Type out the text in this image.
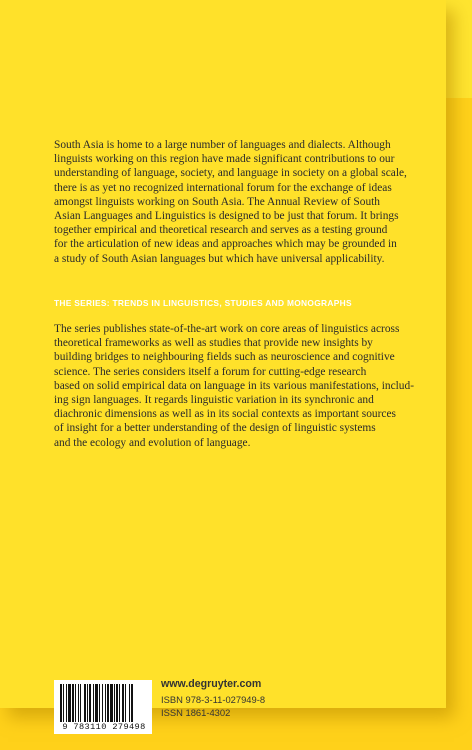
South Asia is home to a large number of languages and dialects. Although
linguists working on this region have made significant contributions to our
understanding of language, society, and language in society on a global scale,
there is as yet no recognized international forum for the exchange of ideas
amongst linguists working on South Asia. The Annual Review of South
Asian Languages and Linguistics is designed to be just that forum. It brings
together empirical and theoretical research and serves as a testing ground
for the articulation of new ideas and approaches which may be grounded in
a study of South Asian languages but which have universal applicability.
THE SERIES: TRENDS IN LINGUISTICS, STUDIES AND MONOGRAPHS
The series publishes state-of-the-art work on core areas of linguistics across
theoretical frameworks as well as studies that provide new insights by
building bridges to neighbouring fields such as neuroscience and cognitive
science. The series considers itself a forum for cutting-edge research
based on solid empirical data on language in its various manifestations, includ-
ing sign languages. It regards linguistic variation in its synchronic and
diachronic dimensions as well as in its social contexts as important sources
of insight for a better understanding of the design of linguistic systems
and the ecology and evolution of language.
9 783110 279498
www.degruyter.com
ISBN 978-3-11-027949-8
ISSN 1861-4302
